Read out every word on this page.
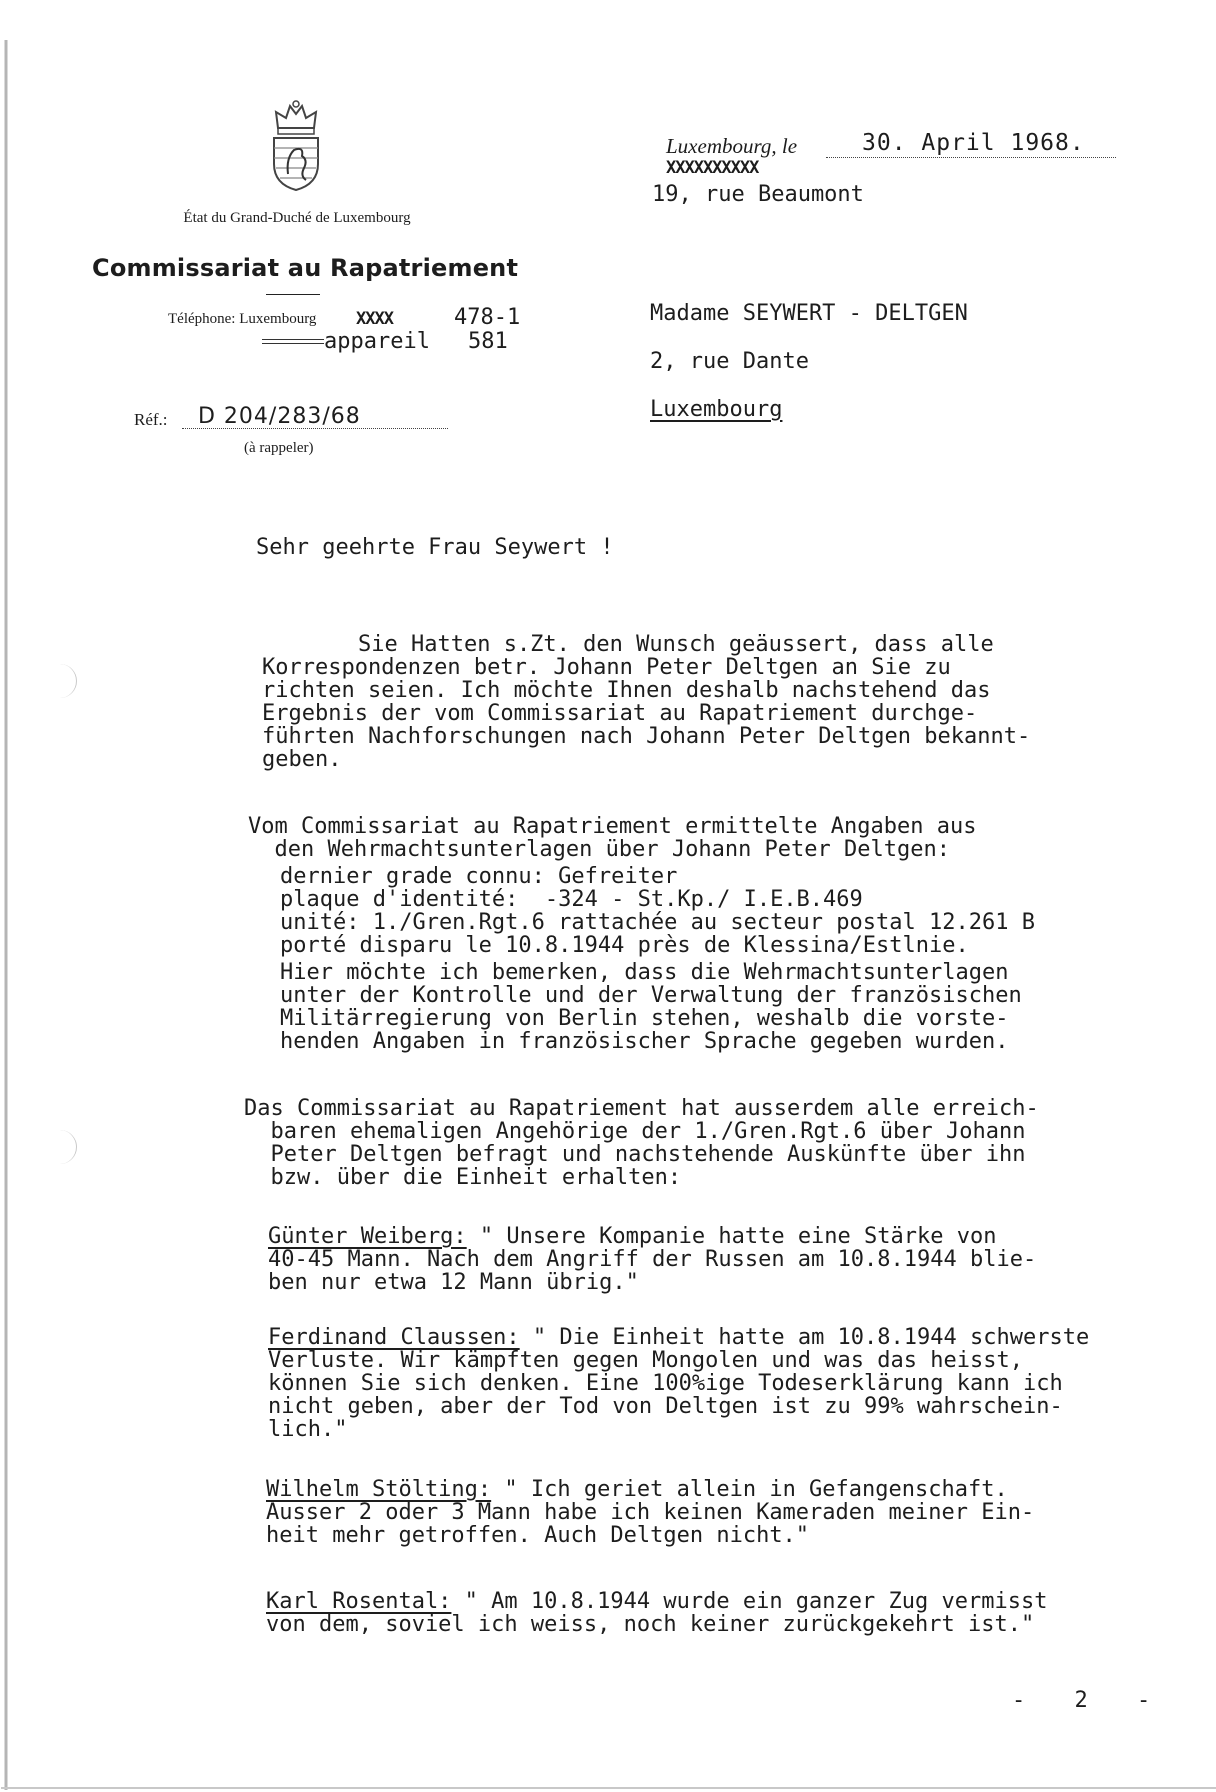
État du Grand-Duché de Luxembourg
Commissariat au Rapatriement
Téléphone: Luxembourg XXXX	478-1
appareil 581
Réf.: D 204/283/68
(à rappeler)
Luxembourg, le	30. April 1968.
XXXXXXXXXX
19, rue Beaumont
Madame SEYWERT - DELTGEN
2, rue Dante
Luxembourg
Sehr geehrte Frau Seywert !
Sie Hatten s.Zt. den Wunsch geäussert, dass alle
Korrespondenzen betr. Johann Peter Deltgen an Sie zu
richten seien. Ich möchte Ihnen deshalb nachstehend das
Ergebnis der vom Commissariat au Rapatriement durchge-
führten Nachforschungen nach Johann Peter Deltgen bekannt-
geben.
Vom Commissariat au Rapatriement ermittelte Angaben aus
den Wehrmachtsunterlagen über Johann Peter Deltgen:
dernier grade connu: Gefreiter
plaque d'identité:  -324 - St.Kp./ I.E.B.469
unité: 1./Gren.Rgt.6 rattachée au secteur postal 12.261 B
porté disparu le 10.8.1944 près de Klessina/Estlnie.
Hier möchte ich bemerken, dass die Wehrmachtsunterlagen
unter der Kontrolle und der Verwaltung der französischen
Militärregierung von Berlin stehen, weshalb die vorste-
henden Angaben in französischer Sprache gegeben wurden.
Das Commissariat au Rapatriement hat ausserdem alle erreich-
baren ehemaligen Angehörige der 1./Gren.Rgt.6 über Johann
Peter Deltgen befragt und nachstehende Auskünfte über ihn
bzw. über die Einheit erhalten:
Günter Weiberg: " Unsere Kompanie hatte eine Stärke von
40-45 Mann. Nach dem Angriff der Russen am 10.8.1944 blie-
ben nur etwa 12 Mann übrig."
Ferdinand Claussen: " Die Einheit hatte am 10.8.1944 schwerste
Verluste. Wir kämpften gegen Mongolen und was das heisst,
können Sie sich denken. Eine 100%ige Todeserklärung kann ich
nicht geben, aber der Tod von Deltgen ist zu 99% wahrschein-
lich."
Wilhelm Stölting: " Ich geriet allein in Gefangenschaft.
Ausser 2 oder 3 Mann habe ich keinen Kameraden meiner Ein-
heit mehr getroffen. Auch Deltgen nicht."
Karl Rosental: " Am 10.8.1944 wurde ein ganzer Zug vermisst
von dem, soviel ich weiss, noch keiner zurückgekehrt ist."
- 2 -
